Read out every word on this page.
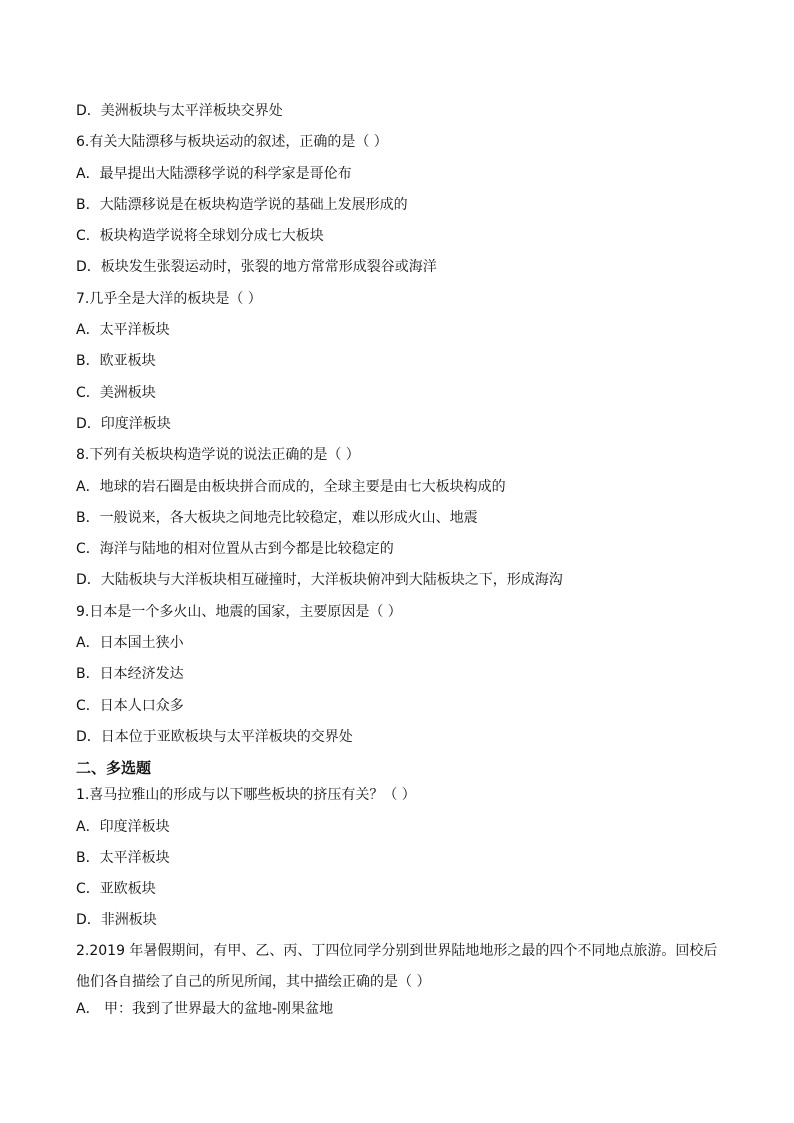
D．美洲板块与太平洋板块交界处
6.有关大陆漂移与板块运动的叙述，正确的是（ ）
A．最早提出大陆漂移学说的科学家是哥伦布
B．大陆漂移说是在板块构造学说的基础上发展形成的
C．板块构造学说将全球划分成七大板块
D．板块发生张裂运动时，张裂的地方常常形成裂谷或海洋
7.几乎全是大洋的板块是（ ）
A．太平洋板块
B．欧亚板块
C．美洲板块
D．印度洋板块
8.下列有关板块构造学说的说法正确的是（ ）
A．地球的岩石圈是由板块拼合而成的，全球主要是由七大板块构成的
B．一般说来，各大板块之间地壳比较稳定，难以形成火山、地震
C．海洋与陆地的相对位置从古到今都是比较稳定的
D．大陆板块与大洋板块相互碰撞时，大洋板块俯冲到大陆板块之下，形成海沟
9.日本是一个多火山、地震的国家，主要原因是（ ）
A．日本国土狭小
B．日本经济发达
C．日本人口众多
D．日本位于亚欧板块与太平洋板块的交界处
二、多选题
1.喜马拉雅山的形成与以下哪些板块的挤压有关？（ ）
A．印度洋板块
B．太平洋板块
C．亚欧板块
D．非洲板块
2.2019 年暑假期间，有甲、乙、丙、丁四位同学分别到世界陆地地形之最的四个不同地点旅游。回校后他们各自描绘了自己的所见所闻，其中描绘正确的是（ ）
A． 甲：我到了世界最大的盆地-刚果盆地
